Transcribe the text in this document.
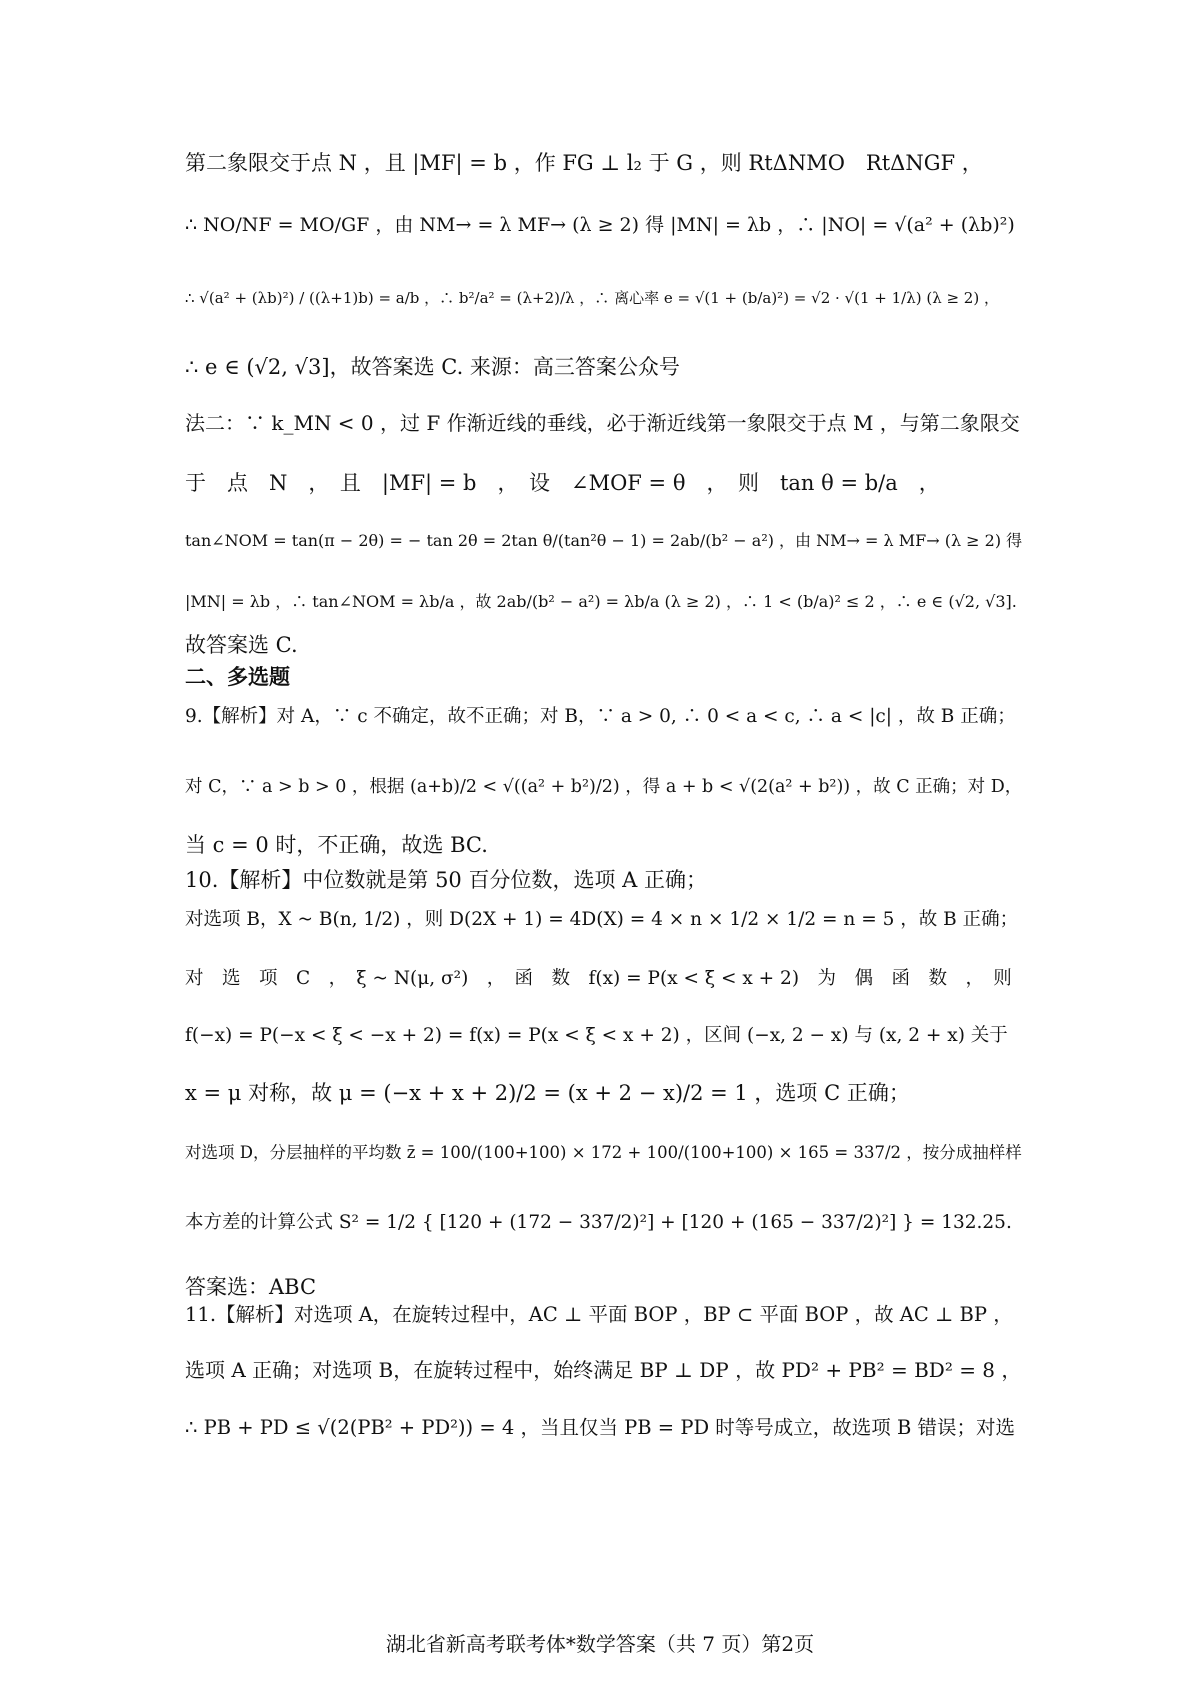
第二象限交于点 N ，且 |MF| = b ，作 FG ⊥ l₂ 于 G ，则 RtΔNMO　RtΔNGF ，
∴ NO/NF = MO/GF ，由 NM→ = λ MF→ (λ ≥ 2) 得 |MN| = λb ，∴ |NO| = √(a² + (λb)²)
∴ √(a² + (λb)²) / ((λ+1)b) = a/b ，∴ b²/a² = (λ+2)/λ ，∴ 离心率 e = √(1 + (b/a)²) = √2 · √(1 + 1/λ) (λ ≥ 2) ，
∴ e ∈ (√2, √3]，故答案选 C. 来源：高三答案公众号
法二：∵ k_MN < 0 ，过 F 作渐近线的垂线，必于渐近线第一象限交于点 M ，与第二象限交
于　点　N　，　且　|MF| = b　，　设　∠MOF = θ　，　则　tan θ = b/a　，
tan∠NOM = tan(π − 2θ) = − tan 2θ = 2tan θ/(tan²θ − 1) = 2ab/(b² − a²) ，由 NM→ = λ MF→ (λ ≥ 2) 得
|MN| = λb ，∴ tan∠NOM = λb/a ，故 2ab/(b² − a²) = λb/a (λ ≥ 2) ，∴ 1 < (b/a)² ≤ 2 ，∴ e ∈ (√2, √3].
故答案选 C.
二、多选题
9.【解析】对 A，∵ c 不确定，故不正确；对 B，∵ a > 0, ∴ 0 < a < c, ∴ a < |c| ，故 B 正确；
对 C，∵ a > b > 0 ，根据 (a+b)/2 < √((a² + b²)/2) ，得 a + b < √(2(a² + b²)) ，故 C 正确；对 D，
当 c = 0 时，不正确，故选 BC.
10.【解析】中位数就是第 50 百分位数，选项 A 正确；
对选项 B，X ~ B(n, 1/2) ，则 D(2X + 1) = 4D(X) = 4 × n × 1/2 × 1/2 = n = 5 ，故 B 正确；
对　选　项　C　，　ξ ~ N(μ, σ²)　，　函　数　f(x) = P(x < ξ < x + 2)　为　偶　函　数　，　则
f(−x) = P(−x < ξ < −x + 2) = f(x) = P(x < ξ < x + 2) ，区间 (−x, 2 − x) 与 (x, 2 + x) 关于
x = μ 对称，故 μ = (−x + x + 2)/2 = (x + 2 − x)/2 = 1 ，选项 C 正确；
对选项 D，分层抽样的平均数 z̄ = 100/(100+100) × 172 + 100/(100+100) × 165 = 337/2 ，按分成抽样样
本方差的计算公式 S² = 1/2 { [120 + (172 − 337/2)²] + [120 + (165 − 337/2)²] } = 132.25.
答案选：ABC
11.【解析】对选项 A，在旋转过程中，AC ⊥ 平面 BOP ，BP ⊂ 平面 BOP ，故 AC ⊥ BP ，
选项 A 正确；对选项 B，在旋转过程中，始终满足 BP ⊥ DP ，故 PD² + PB² = BD² = 8 ，
∴ PB + PD ≤ √(2(PB² + PD²)) = 4 ，当且仅当 PB = PD 时等号成立，故选项 B 错误；对选
湖北省新高考联考体*数学答案（共 7 页）第2页
